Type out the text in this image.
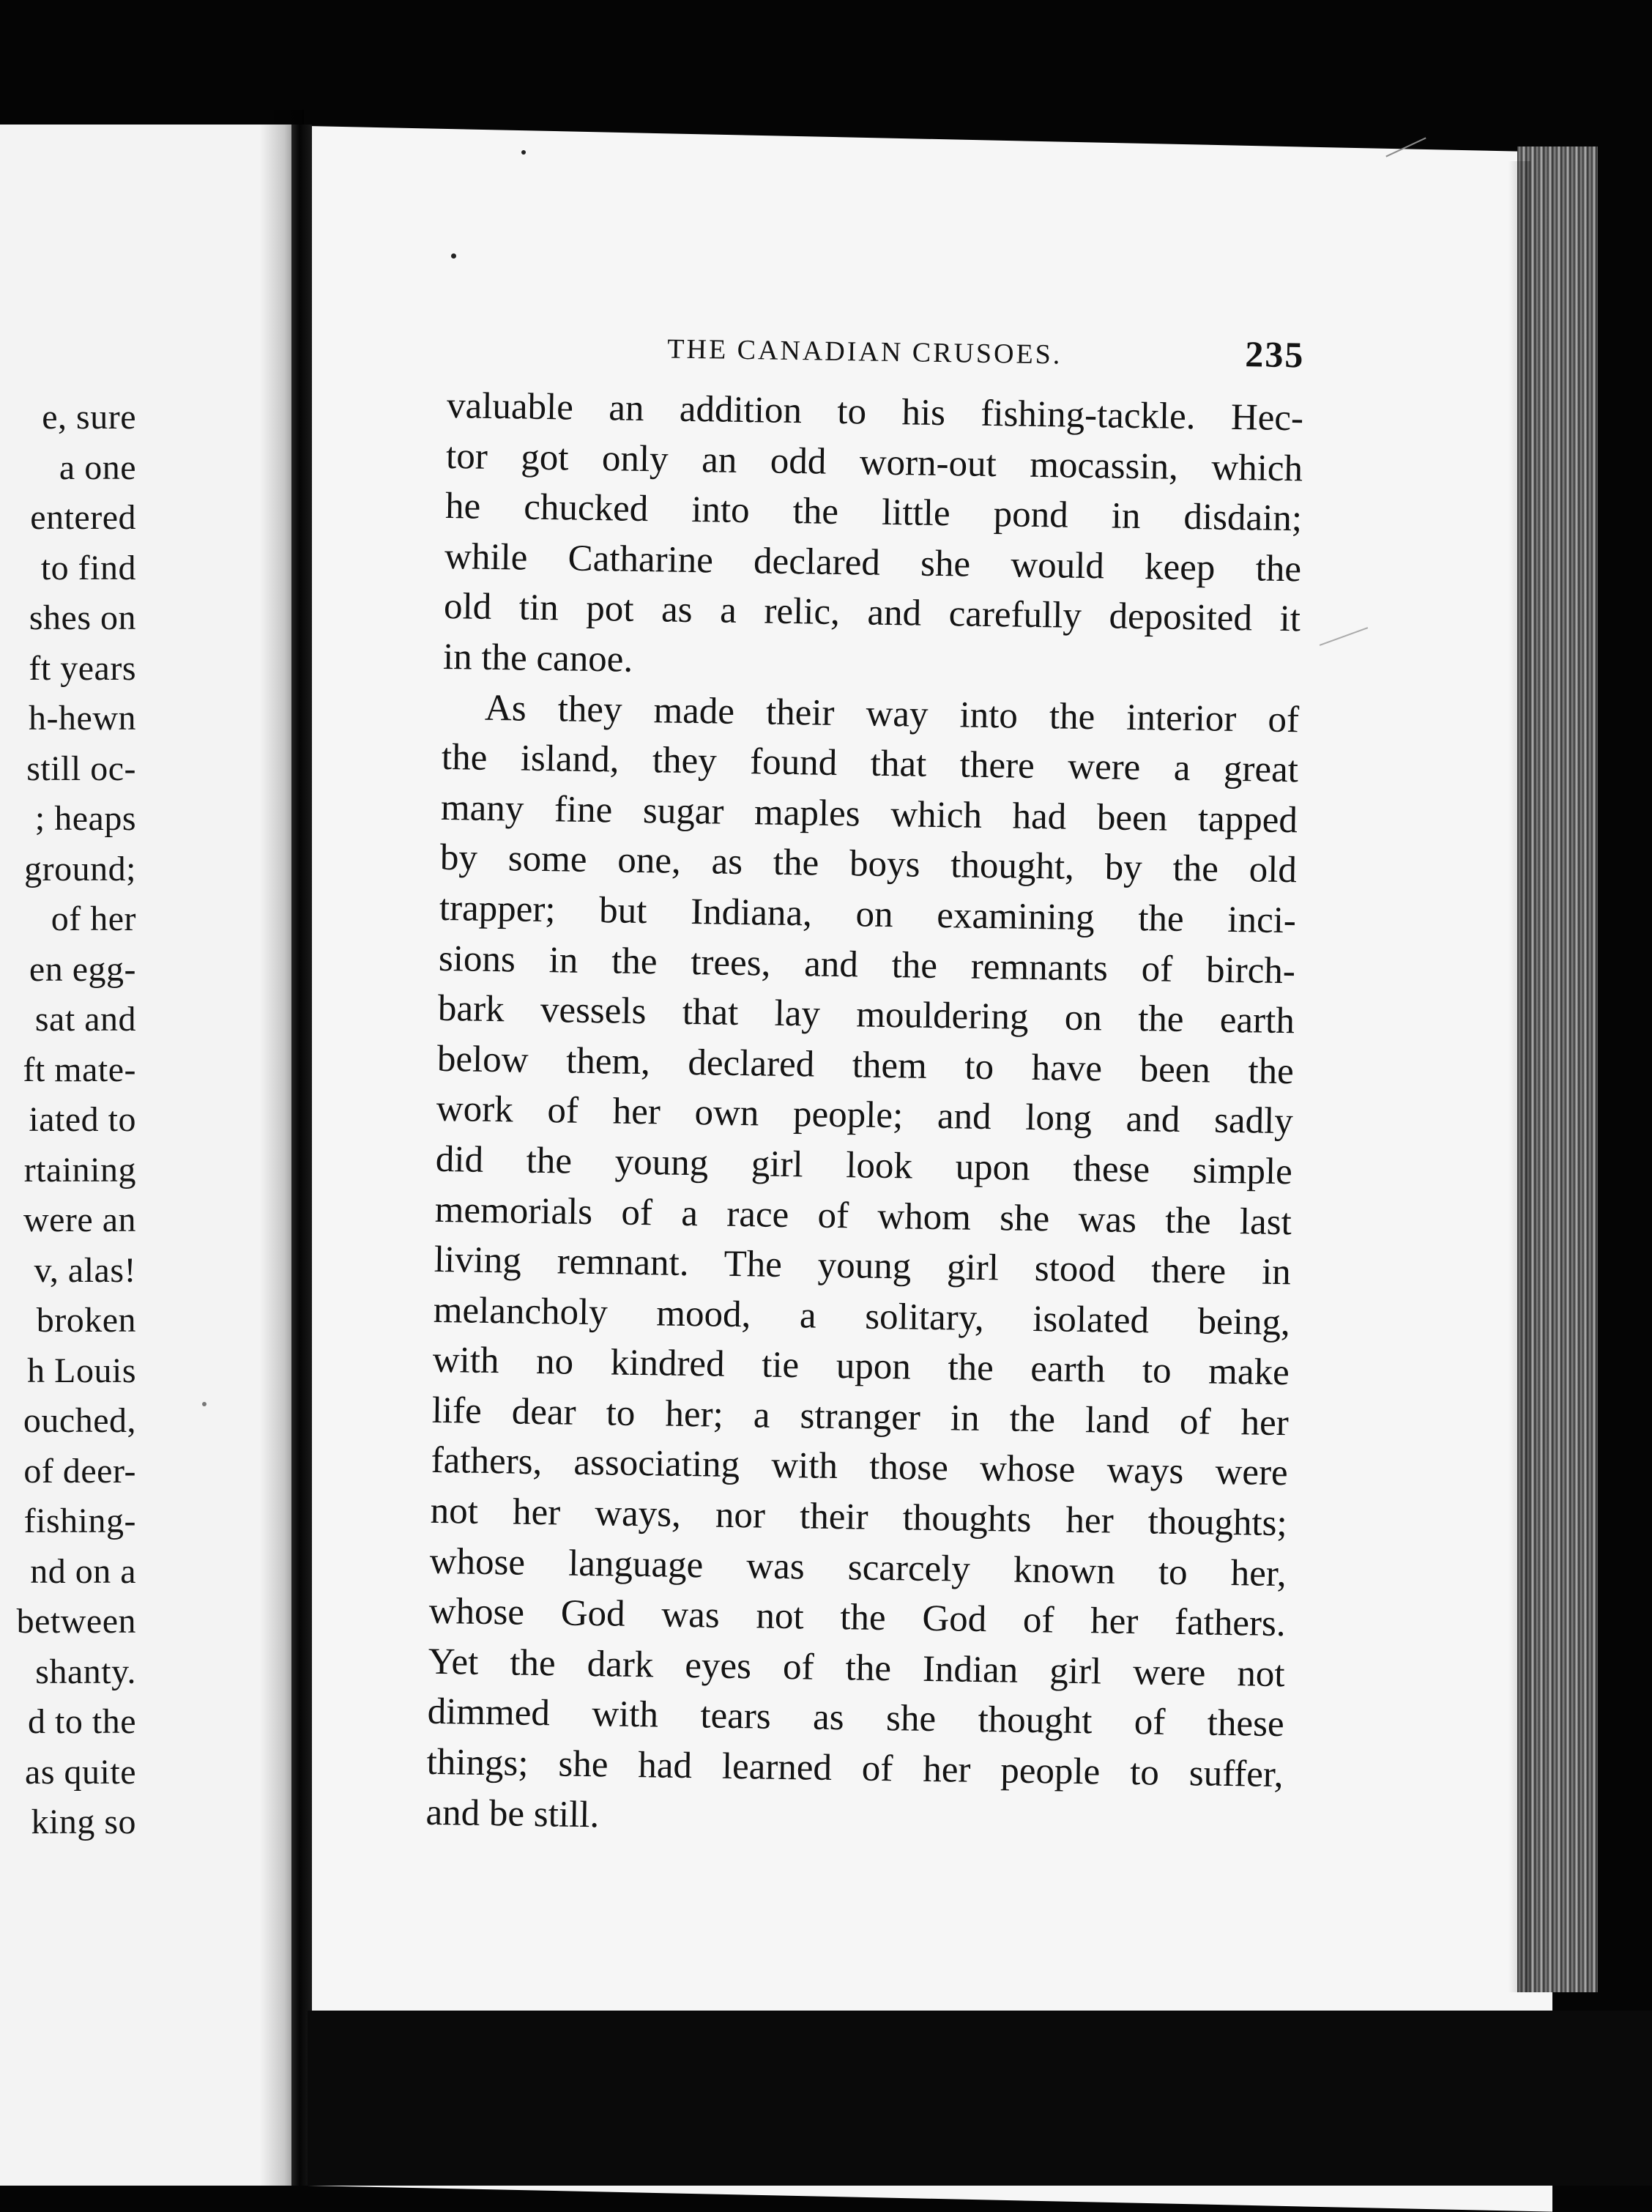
e, sure
a one
entered
to find
shes on
ft years
h-hewn
still oc-
; heaps
ground;
of her
en egg-
sat and
ft mate-
iated to
rtaining
were an
v, alas!
broken
h Louis
ouched,
of deer-
fishing-
nd on a
between
shanty.
d to the
as quite
king so
THE CANADIAN CRUSOES.	235
valuable an addition to his fishing-tackle. Hec-
tor got only an odd worn-out mocassin, which
he chucked into the little pond in disdain;
while Catharine declared she would keep the
old tin pot as a relic, and carefully deposited it
in the canoe.
As they made their way into the interior of
the island, they found that there were a great
many fine sugar maples which had been tapped
by some one, as the boys thought, by the old
trapper; but Indiana, on examining the inci-
sions in the trees, and the remnants of birch-
bark vessels that lay mouldering on the earth
below them, declared them to have been the
work of her own people; and long and sadly
did the young girl look upon these simple
memorials of a race of whom she was the last
living remnant. The young girl stood there in
melancholy mood, a solitary, isolated being,
with no kindred tie upon the earth to make
life dear to her; a stranger in the land of her
fathers, associating with those whose ways were
not her ways, nor their thoughts her thoughts;
whose language was scarcely known to her,
whose God was not the God of her fathers.
Yet the dark eyes of the Indian girl were not
dimmed with tears as she thought of these
things; she had learned of her people to suffer,
and be still.
